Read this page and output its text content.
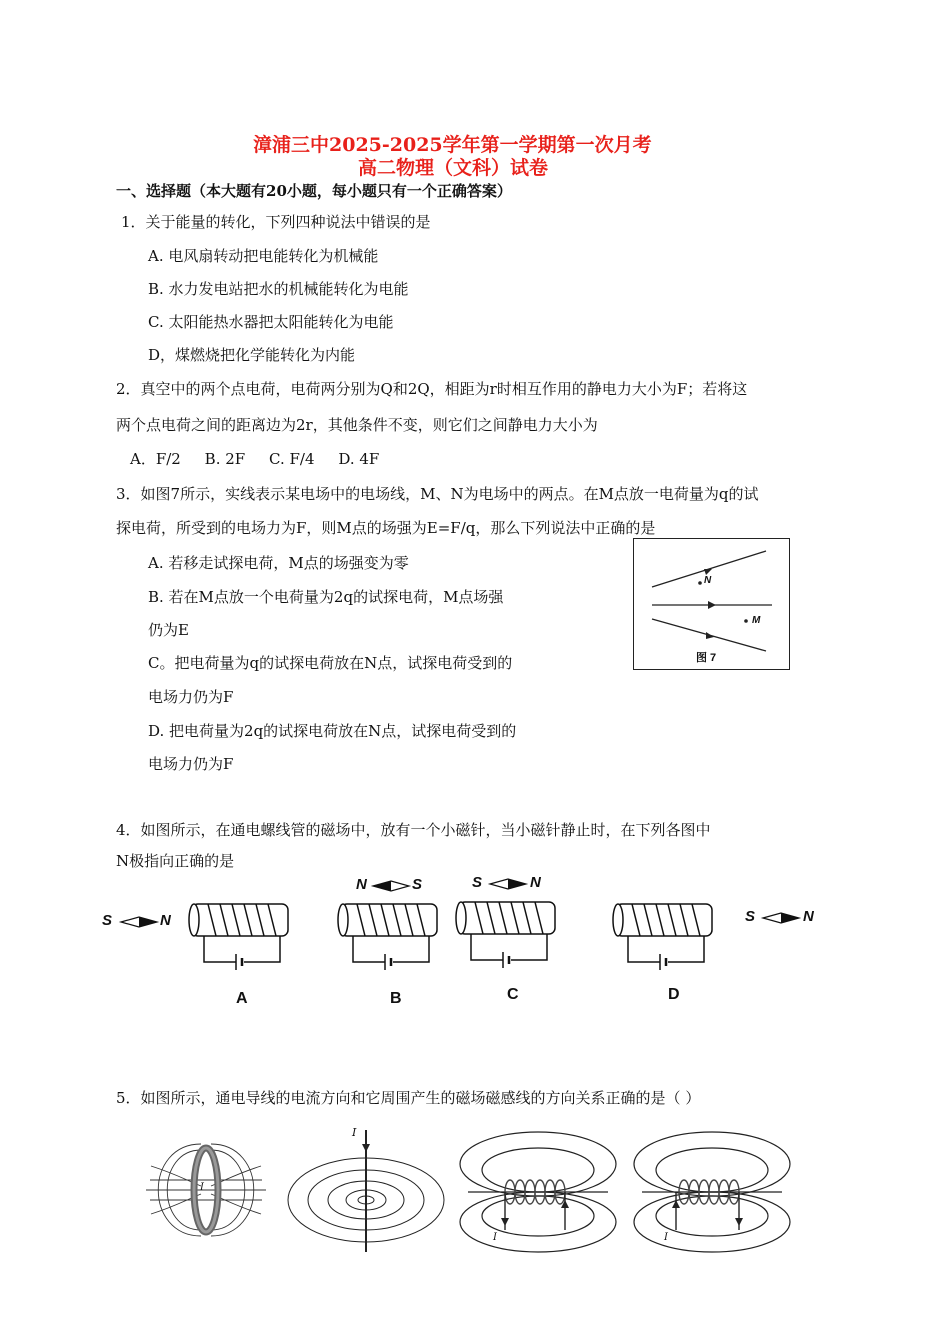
漳浦三中2025-2025学年第一学期第一次月考
高二物理（文科）试卷
一、选择题（本大题有20小题，每小题只有一个正确答案）
1．关于能量的转化，下列四种说法中错误的是
A. 电风扇转动把电能转化为机械能
B. 水力发电站把水的机械能转化为电能
C. 太阳能热水器把太阳能转化为电能
D，煤燃烧把化学能转化为内能
2．真空中的两个点电荷，电荷两分别为Q和2Q，相距为r时相互作用的静电力大小为F；若将这
两个点电荷之间的距离边为2r，其他条件不变，则它们之间静电力大小为
A．F/2     B. 2F     C. F/4     D. 4F
3．如图7所示，实线表示某电场中的电场线，M、N为电场中的两点。在M点放一电荷量为q的试
探电荷，所受到的电场力为F，则M点的场强为E=F/q，那么下列说法中正确的是
A. 若移走试探电荷，M点的场强变为零
B. 若在M点放一个电荷量为2q的试探电荷，M点场强
仍为E
C。把电荷量为q的试探电荷放在N点，试探电荷受到的
电场力仍为F
D. 把电荷量为2q的试探电荷放在N点，试探电荷受到的
电场力仍为F
N
M
图 7
4．如图所示，在通电螺线管的磁场中，放有一个小磁针，当小磁针静止时，在下列各图中
N极指向正确的是
S	N
A
N	S
B
S	N
C
S	N
D
5．如图所示，通电导线的电流方向和它周围产生的磁场磁感线的方向关系正确的是（ ）
I
I
I	I
